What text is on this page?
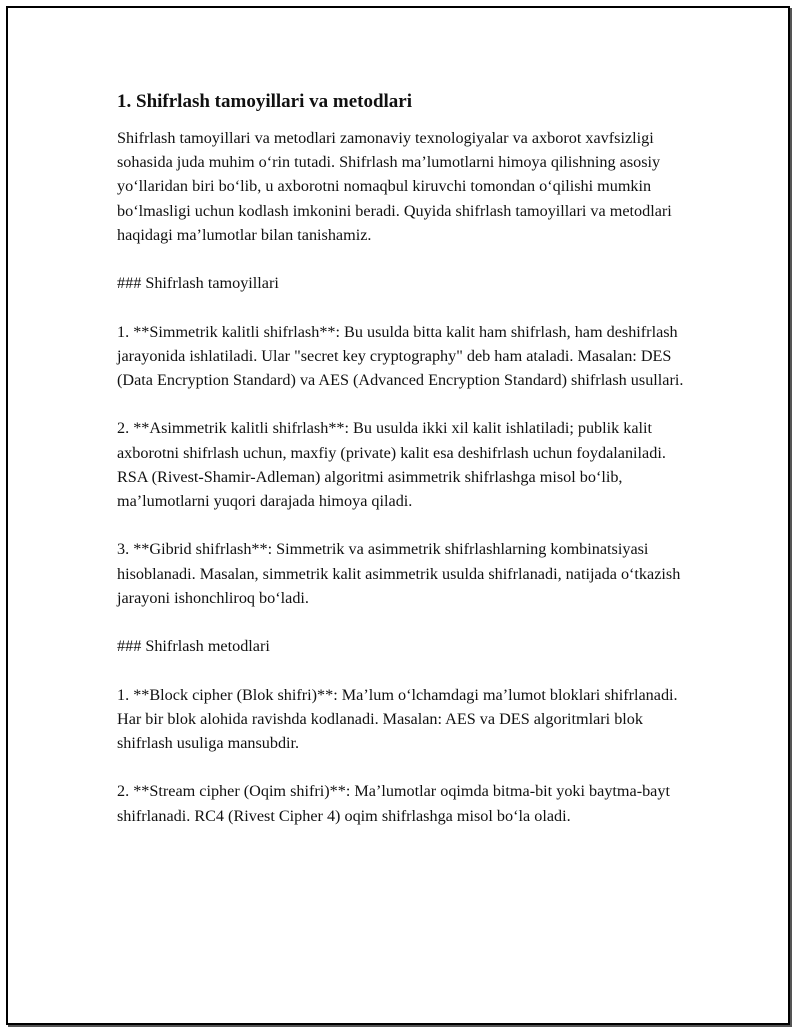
1. Shifrlash tamoyillari va metodlari

Shifrlash tamoyillari va metodlari zamonaviy texnologiyalar va axborot xavfsizligi sohasida juda muhim o‘rin tutadi. Shifrlash ma’lumotlarni himoya qilishning asosiy yo‘llaridan biri bo‘lib, u axborotni nomaqbul kiruvchi tomondan o‘qilishi mumkin bo‘lmasligi uchun kodlash imkonini beradi. Quyida shifrlash tamoyillari va metodlari haqidagi ma’lumotlar bilan tanishamiz.

### Shifrlash tamoyillari

1. **Simmetrik kalitli shifrlash**: Bu usulda bitta kalit ham shifrlash, ham deshifrlash jarayonida ishlatiladi. Ular "secret key cryptography" deb ham ataladi. Masalan: DES (Data Encryption Standard) va AES (Advanced Encryption Standard) shifrlash usullari.

2. **Asimmetrik kalitli shifrlash**: Bu usulda ikki xil kalit ishlatiladi; publik kalit axborotni shifrlash uchun, maxfiy (private) kalit esa deshifrlash uchun foydalaniladi. RSA (Rivest-Shamir-Adleman) algoritmi asimmetrik shifrlashga misol bo‘lib, ma’lumotlarni yuqori darajada himoya qiladi.

3. **Gibrid shifrlash**: Simmetrik va asimmetrik shifrlashlarning kombinatsiyasi hisoblanadi. Masalan, simmetrik kalit asimmetrik usulda shifrlanadi, natijada o‘tkazish jarayoni ishonchliroq bo‘ladi.

### Shifrlash metodlari

1. **Block cipher (Blok shifri)**: Ma’lum o‘lchamdagi ma’lumot bloklari shifrlanadi. Har bir blok alohida ravishda kodlanadi. Masalan: AES va DES algoritmlari blok shifrlash usuliga mansubdir.

2. **Stream cipher (Oqim shifri)**: Ma’lumotlar oqimda bitma-bit yoki baytma-bayt shifrlanadi. RC4 (Rivest Cipher 4) oqim shifrlashga misol bo‘la oladi.
